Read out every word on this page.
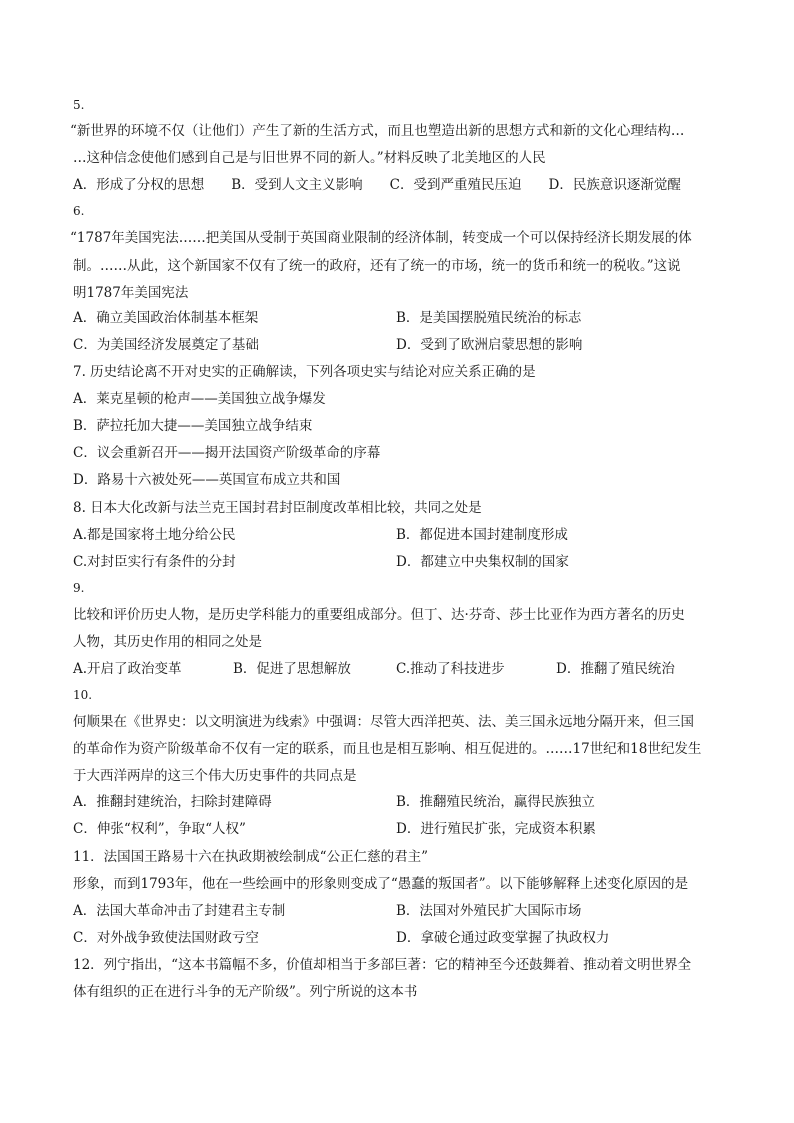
5.
“新世界的环境不仅（让他们）产生了新的生活方式，而且也塑造出新的思想方式和新的文化心理结构…
…这种信念使他们感到自己是与旧世界不同的新人。”材料反映了北美地区的人民
A．形成了分权的思想　　B．受到人文主义影响　　C．受到严重殖民压迫　　D．民族意识逐渐觉醒
6.
“1787年美国宪法……把美国从受制于英国商业限制的经济体制，转变成一个可以保持经济长期发展的体
制。……从此，这个新国家不仅有了统一的政府，还有了统一的市场，统一的货币和统一的税收。”这说
明1787年美国宪法
A．确立美国政治体制基本框架	B．是美国摆脱殖民统治的标志
C．为美国经济发展奠定了基础	D．受到了欧洲启蒙思想的影响
7. 历史结论离不开对史实的正确解读，下列各项史实与结论对应关系正确的是
A．莱克星顿的枪声——美国独立战争爆发
B．萨拉托加大捷——美国独立战争结束
C．议会重新召开——揭开法国资产阶级革命的序幕
D．路易十六被处死——英国宣布成立共和国
8. 日本大化改新与法兰克王国封君封臣制度改革相比较，共同之处是
A.都是国家将土地分给公民	B．都促进本国封建制度形成
C.对封臣实行有条件的分封	D．都建立中央集权制的国家
9.
比较和评价历史人物，是历史学科能力的重要组成部分。但丁、达·芬奇、莎士比亚作为西方著名的历史
人物，其历史作用的相同之处是
A.开启了政治变革	B．促进了思想解放	C.推动了科技进步	D．推翻了殖民统治
10.
何顺果在《世界史：以文明演进为线索》中强调：尽管大西洋把英、法、美三国永远地分隔开来，但三国
的革命作为资产阶级革命不仅有一定的联系，而且也是相互影响、相互促进的。……17世纪和18世纪发生
于大西洋两岸的这三个伟大历史事件的共同点是
A．推翻封建统治，扫除封建障碍	B．推翻殖民统治，赢得民族独立
C．伸张“权利”，争取“人权”	D．进行殖民扩张，完成资本积累
11．法国国王路易十六在执政期被绘制成“公正仁慈的君主”
形象，而到1793年，他在一些绘画中的形象则变成了“愚蠢的叛国者”。以下能够解释上述变化原因的是
A．法国大革命冲击了封建君主专制	B．法国对外殖民扩大国际市场
C．对外战争致使法国财政亏空	D．拿破仑通过政变掌握了执政权力
12．列宁指出，“这本书篇幅不多，价值却相当于多部巨著：它的精神至今还鼓舞着、推动着文明世界全
体有组织的正在进行斗争的无产阶级”。列宁所说的这本书
